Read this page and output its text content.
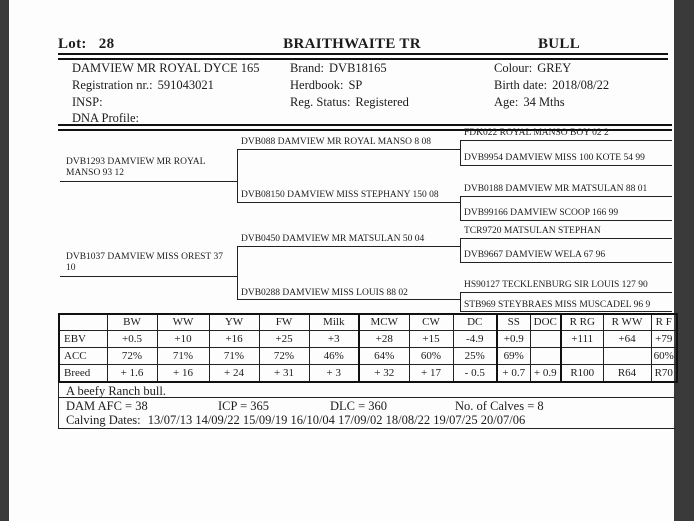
Lot: 28	BRAITHWAITE TR	BULL
DAMVIEW MR ROYAL DYCE 165 Brand: DVB18165	Colour: GREY
Registration nr.: 591043021	Herdbook: SP	Birth date: 2018/08/22
INSP:	Reg. Status: Registered	Age: 34 Mths
DNA Profile:
DVB1293 DAMVIEW MR ROYAL MANSO 93 12
DVB1037 DAMVIEW MISS OREST 37 10
DVB088 DAMVIEW MR ROYAL MANSO 8 08
DVB08150 DAMVIEW MISS STEPHANY 150 08
DVB0450 DAMVIEW MR MATSULAN 50 04
DVB0288 DAMVIEW MISS LOUIS 88 02
FDK022 ROYAL MANSO BOY 02 2
DVB9954 DAMVIEW MISS 100 KOTE 54 99
DVB0188 DAMVIEW MR MATSULAN 88 01
DVB99166 DAMVIEW SCOOP 166 99
TCR9720 MATSULAN STEPHAN
DVB9667 DAMVIEW WELA 67 96
HS90127 TECKLENBURG SIR LOUIS 127 90
STB969 STEYBRAES MISS MUSCADEL 96 9
	BW	WW	YW	FW	Milk	MCW	CW	DC	SS	DOC	R RG	R WW	R F
EBV	+0.5	+10	+16	+25	+3	+28	+15	-4.9	+0.9		+111	+64	+79
ACC	72%	71%	71%	72%	46%	64%	60%	25%	69%				60%
Breed	+ 1.6	+ 16	+ 24	+ 31	+ 3	+ 32	+ 17	- 0.5	+ 0.7	+ 0.9	R100	R64	R70
A beefy Ranch bull.
DAM AFC = 38	ICP = 365	DLC = 360	No. of Calves = 8
Calving Dates: 13/07/13 14/09/22 15/09/19 16/10/04 17/09/02 18/08/22 19/07/25 20/07/06
